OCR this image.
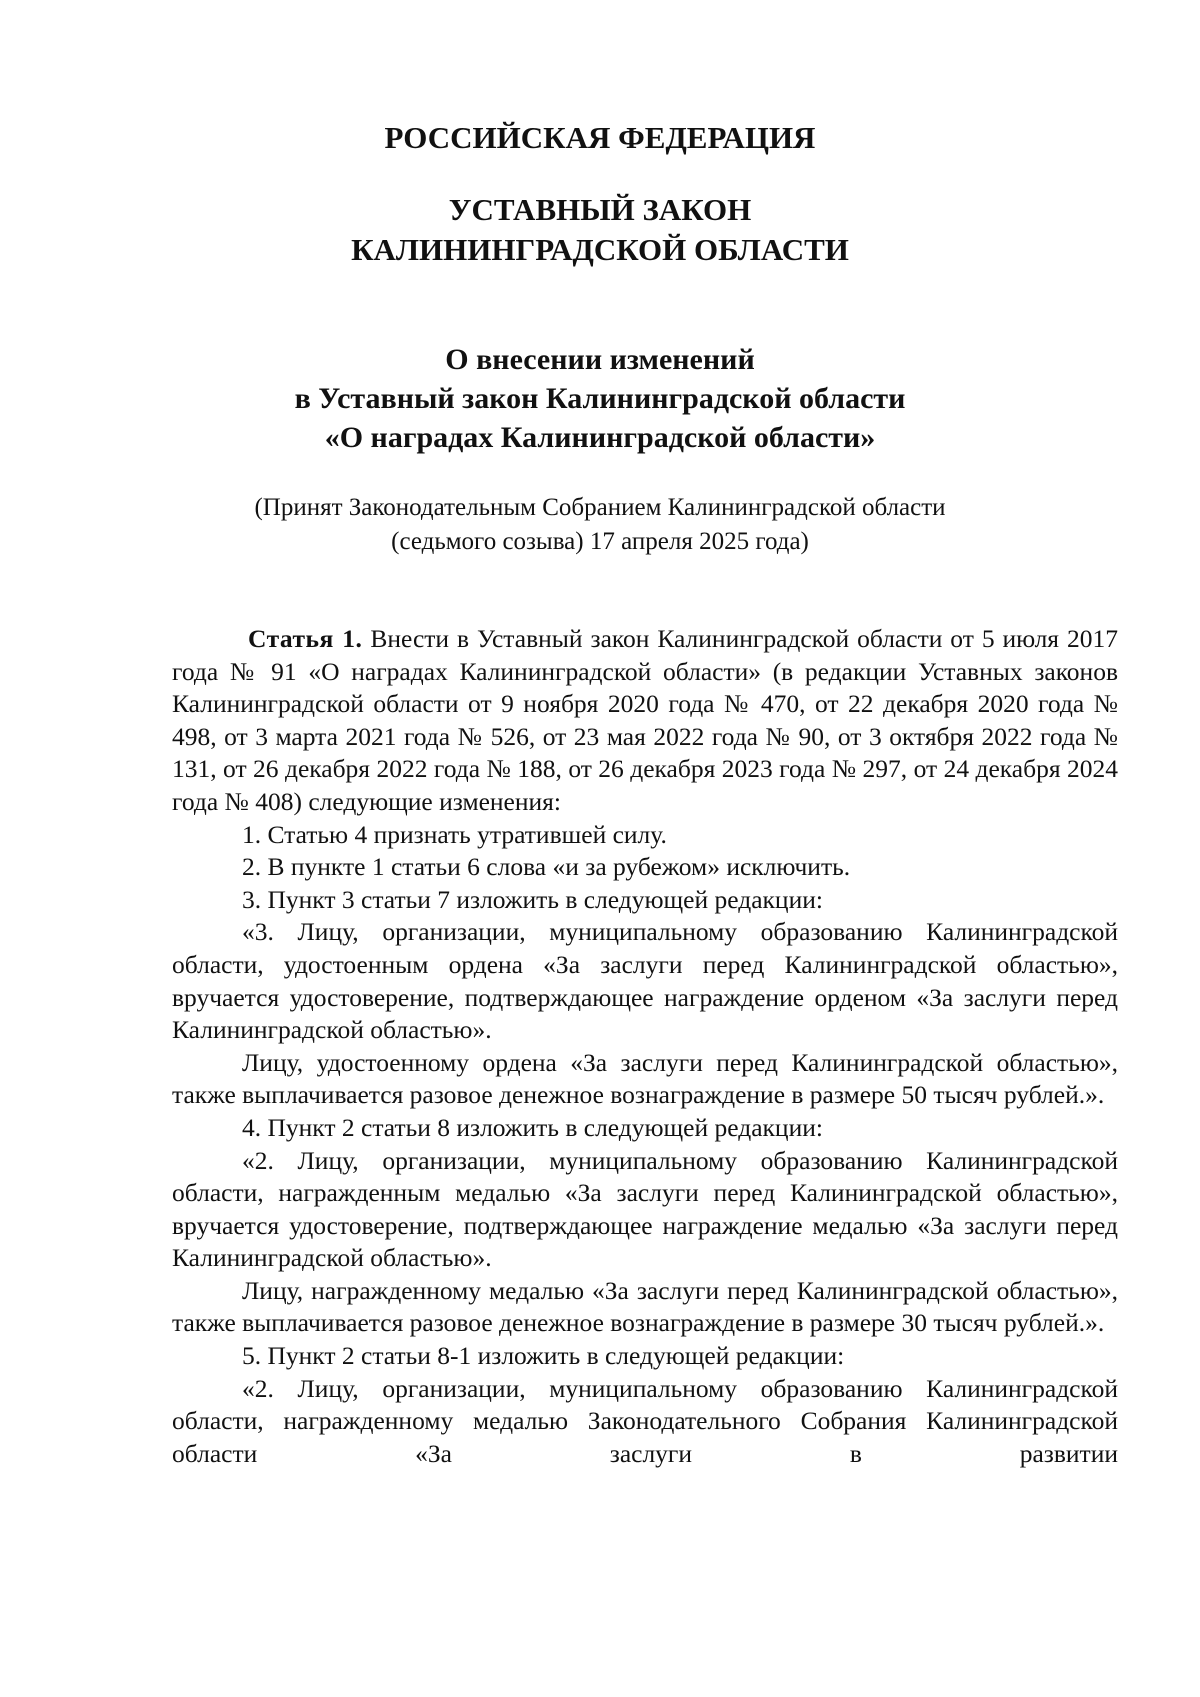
РОССИЙСКАЯ ФЕДЕРАЦИЯ
УСТАВНЫЙ ЗАКОН
КАЛИНИНГРАДСКОЙ ОБЛАСТИ
О внесении изменений
в Уставный закон Калининградской области
«О наградах Калининградской области»
(Принят Законодательным Собранием Калининградской области
(седьмого созыва) 17 апреля 2025 года)

Статья 1. Внести в Уставный закон Калининградской области от 5 июля 2017 года № 91 «О наградах Калининградской области» (в редакции Уставных законов Калининградской области от 9 ноября 2020 года № 470, от 22 декабря 2020 года № 498, от 3 марта 2021 года № 526, от 23 мая 2022 года № 90, от 3 октября 2022 года № 131, от 26 декабря 2022 года № 188, от 26 декабря 2023 года № 297, от 24 декабря 2024 года № 408) следующие изменения:

1. Статью 4 признать утратившей силу.

2. В пункте 1 статьи 6 слова «и за рубежом» исключить.

3. Пункт 3 статьи 7 изложить в следующей редакции:

«3. Лицу, организации, муниципальному образованию Калининградской области, удостоенным ордена «За заслуги перед Калининградской областью», вручается удостоверение, подтверждающее награждение орденом «За заслуги перед Калининградской областью».

Лицу, удостоенному ордена «За заслуги перед Калининградской областью», также выплачивается разовое денежное вознаграждение в размере 50 тысяч рублей.».

4. Пункт 2 статьи 8 изложить в следующей редакции:

«2. Лицу, организации, муниципальному образованию Калининградской области, награжденным медалью «За заслуги перед Калининградской областью», вручается удостоверение, подтверждающее награждение медалью «За заслуги перед Калининградской областью».

Лицу, награжденному медалью «За заслуги перед Калининградской областью», также выплачивается разовое денежное вознаграждение в размере 30 тысяч рублей.».

5. Пункт 2 статьи 8-1 изложить в следующей редакции:

«2. Лицу, организации, муниципальному образованию Калининградской области, награжденному медалью Законодательного Собрания Калининградской области «За заслуги в развитии
